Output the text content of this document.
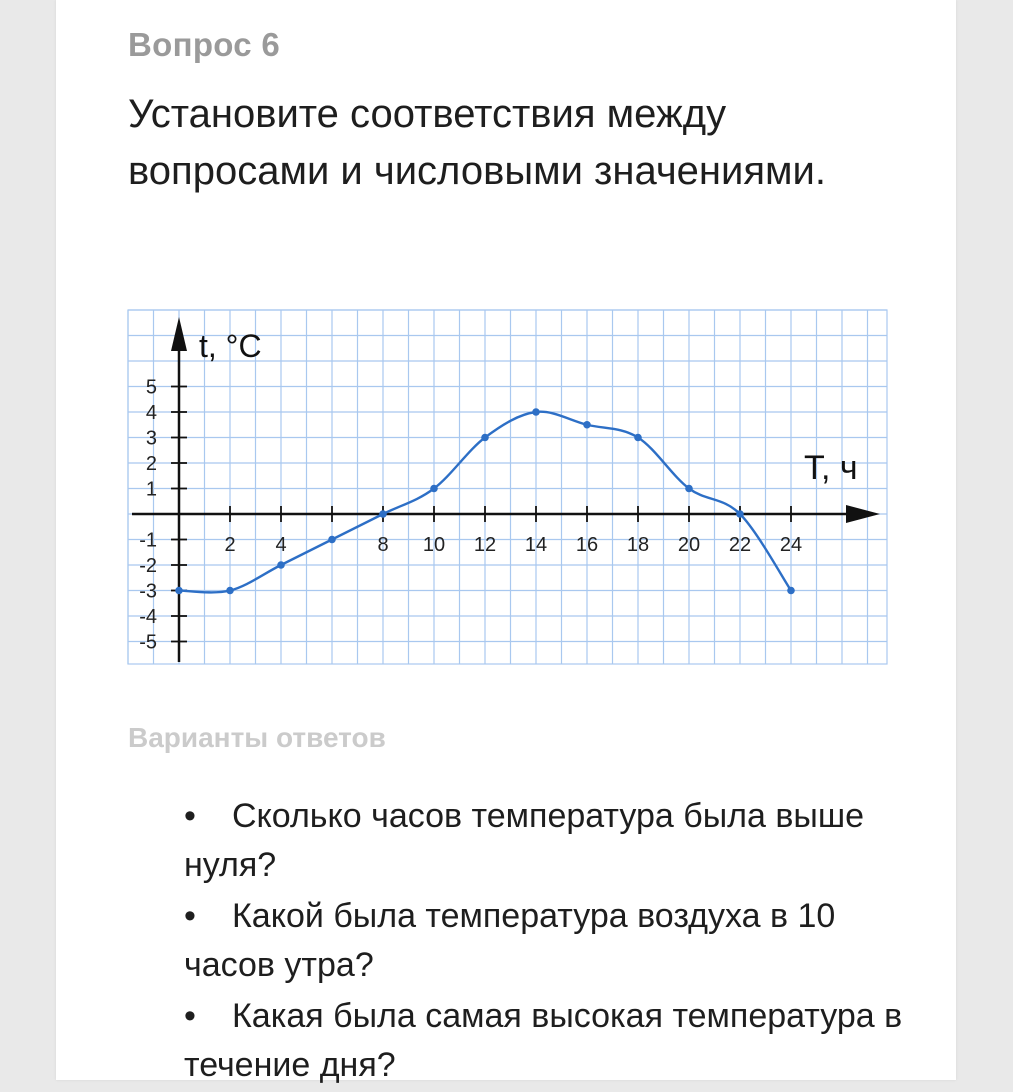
Вопрос 6
Установите соответствия между вопросами и числовыми значениями.
2 4	8 10 12 14 16 18 20 22 24
5
4
3
2
1
-1
-2
-3
-4
-5
t, °C
T, ч
Варианты ответов
• Сколько часов температура была выше нуля?
• Какой была температура воздуха в 10 часов утра?
• Какая была самая высокая температура в течение дня?
